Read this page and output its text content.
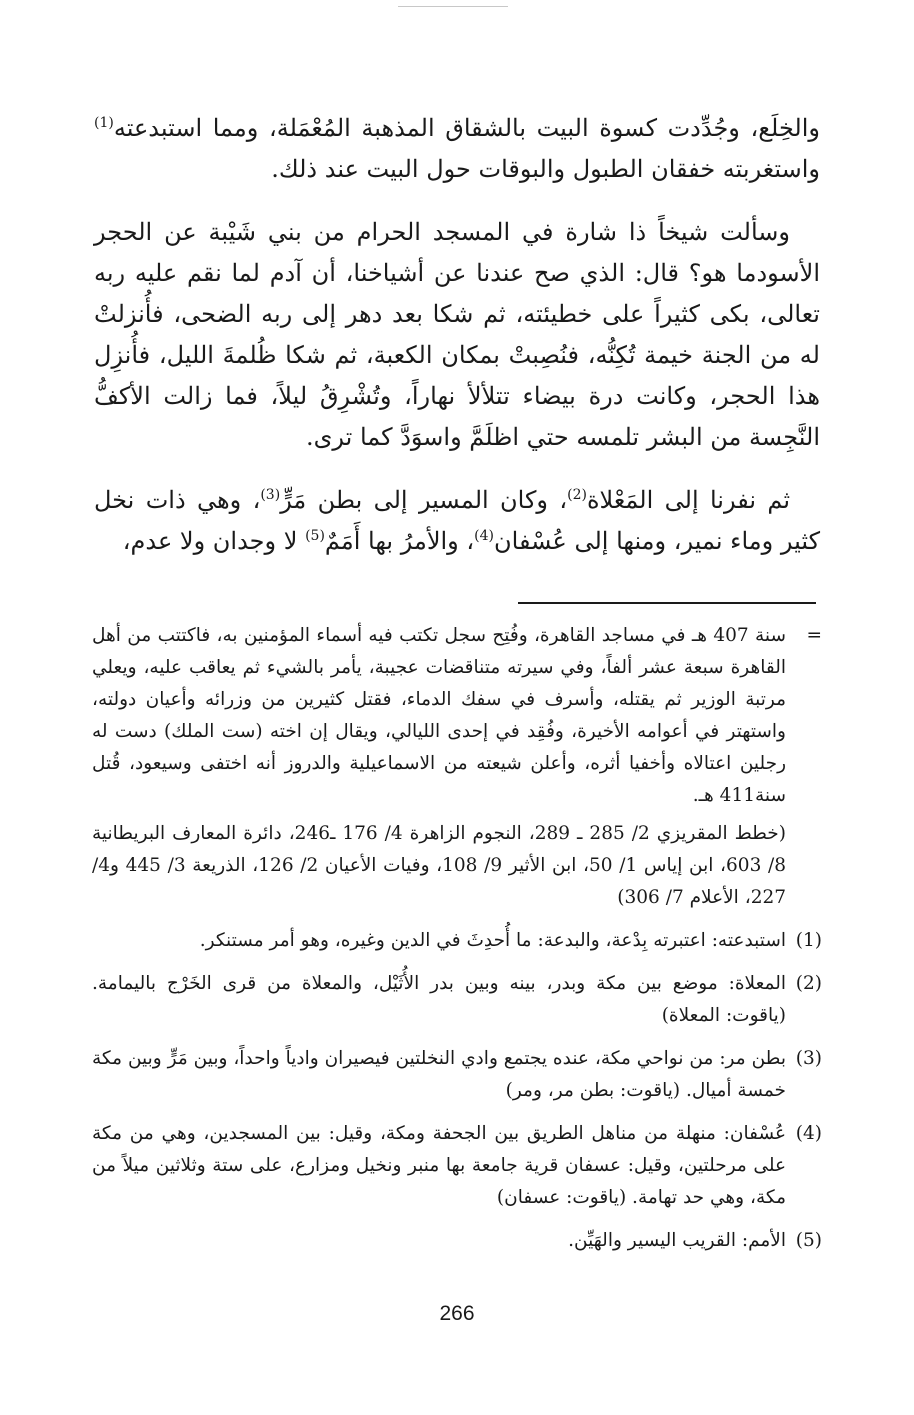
والخِلَع، وجُدِّدت كسوة البيت بالشقاق المذهبة المُعْمَلة، ومما استبدعته$^{(1)}$ واستغربته خفقان الطبول والبوقات حول البيت عند ذلك.

وسألت شيخاً ذا شارة في المسجد الحرام من بني شَيْبة عن الحجر الأسودما هو؟ قال: الذي صح عندنا عن أشياخنا، أن آدم لما نقم عليه ربه تعالى، بكى كثيراً على خطيئته، ثم شكا بعد دهر إلى ربه الضحى، فأُنزلتْ له من الجنة خيمة تُكِنُّه، فنُصِبتْ بمكان الكعبة، ثم شكا ظُلمةَ الليل، فأُنزِل هذا الحجر، وكانت درة بيضاء تتلألأ نهاراً، وتُشْرِقُ ليلاً، فما زالت الأكفُّ النَّجِسة من البشر تلمسه حتي اظلَمَّ واسوَدَّ كما ترى.

ثم نفرنا إلى المَعْلاة$^{(2)}$، وكان المسير إلى بطن مَرٍّ$^{(3)}$، وهي ذات نخل كثير وماء نمير، ومنها إلى عُسْفان$^{(4)}$، والأمرُ بها أَمَمٌ$^{(5)}$ لا وجدان ولا عدم،

=

سنة 407 هـ في مساجد القاهرة، وفُتِح سجل تكتب فيه أسماء المؤمنين به، فاكتتب من أهل القاهرة سبعة عشر ألفاً، وفي سيرته متناقضات عجيبة، يأمر بالشيء ثم يعاقب عليه، ويعلي مرتبة الوزير ثم يقتله، وأسرف في سفك الدماء، فقتل كثيرين من وزرائه وأعيان دولته، واستهتر في أعوامه الأخيرة، وفُقِد في إحدى الليالي، ويقال إن اخته (ست الملك) دست له رجلين اعتالاه وأخفيا أثره، وأعلن شيعته من الاسماعيلية والدروز أنه اختفى وسيعود، قُتل سنة411 هـ.

(خطط المقريزي 2/ 285 ـ 289، النجوم الزاهرة 4/ 176 ـ246، دائرة المعارف البريطانية 8/ 603، ابن إياس 1/ 50، ابن الأثير 9/ 108، وفيات الأعيان 2/ 126، الذريعة 3/ 445 و4/ 227، الأعلام 7/ 306)

(1)

استبدعته: اعتبرته بِدْعة، والبدعة: ما أُحدِثَ في الدين وغيره، وهو أمر مستنكر.

(2)

المعلاة: موضع بين مكة وبدر، بينه وبين بدر الأُثَيْل، والمعلاة من قرى الخَرْج باليمامة. (ياقوت: المعلاة)

(3)

بطن مر: من نواحي مكة، عنده يجتمع وادي النخلتين فيصيران وادياً واحداً، وبين مَرٍّ وبين مكة خمسة أميال. (ياقوت: بطن مر، ومر)

(4)

عُسْفان: منهلة من مناهل الطريق بين الجحفة ومكة، وقيل: بين المسجدين، وهي من مكة على مرحلتين، وقيل: عسفان قرية جامعة بها منبر ونخيل ومزارع، على ستة وثلاثين ميلاً من مكة، وهي حد تهامة. (ياقوت: عسفان)

(5)

الأمم: القريب اليسير والهَيِّن.

266
